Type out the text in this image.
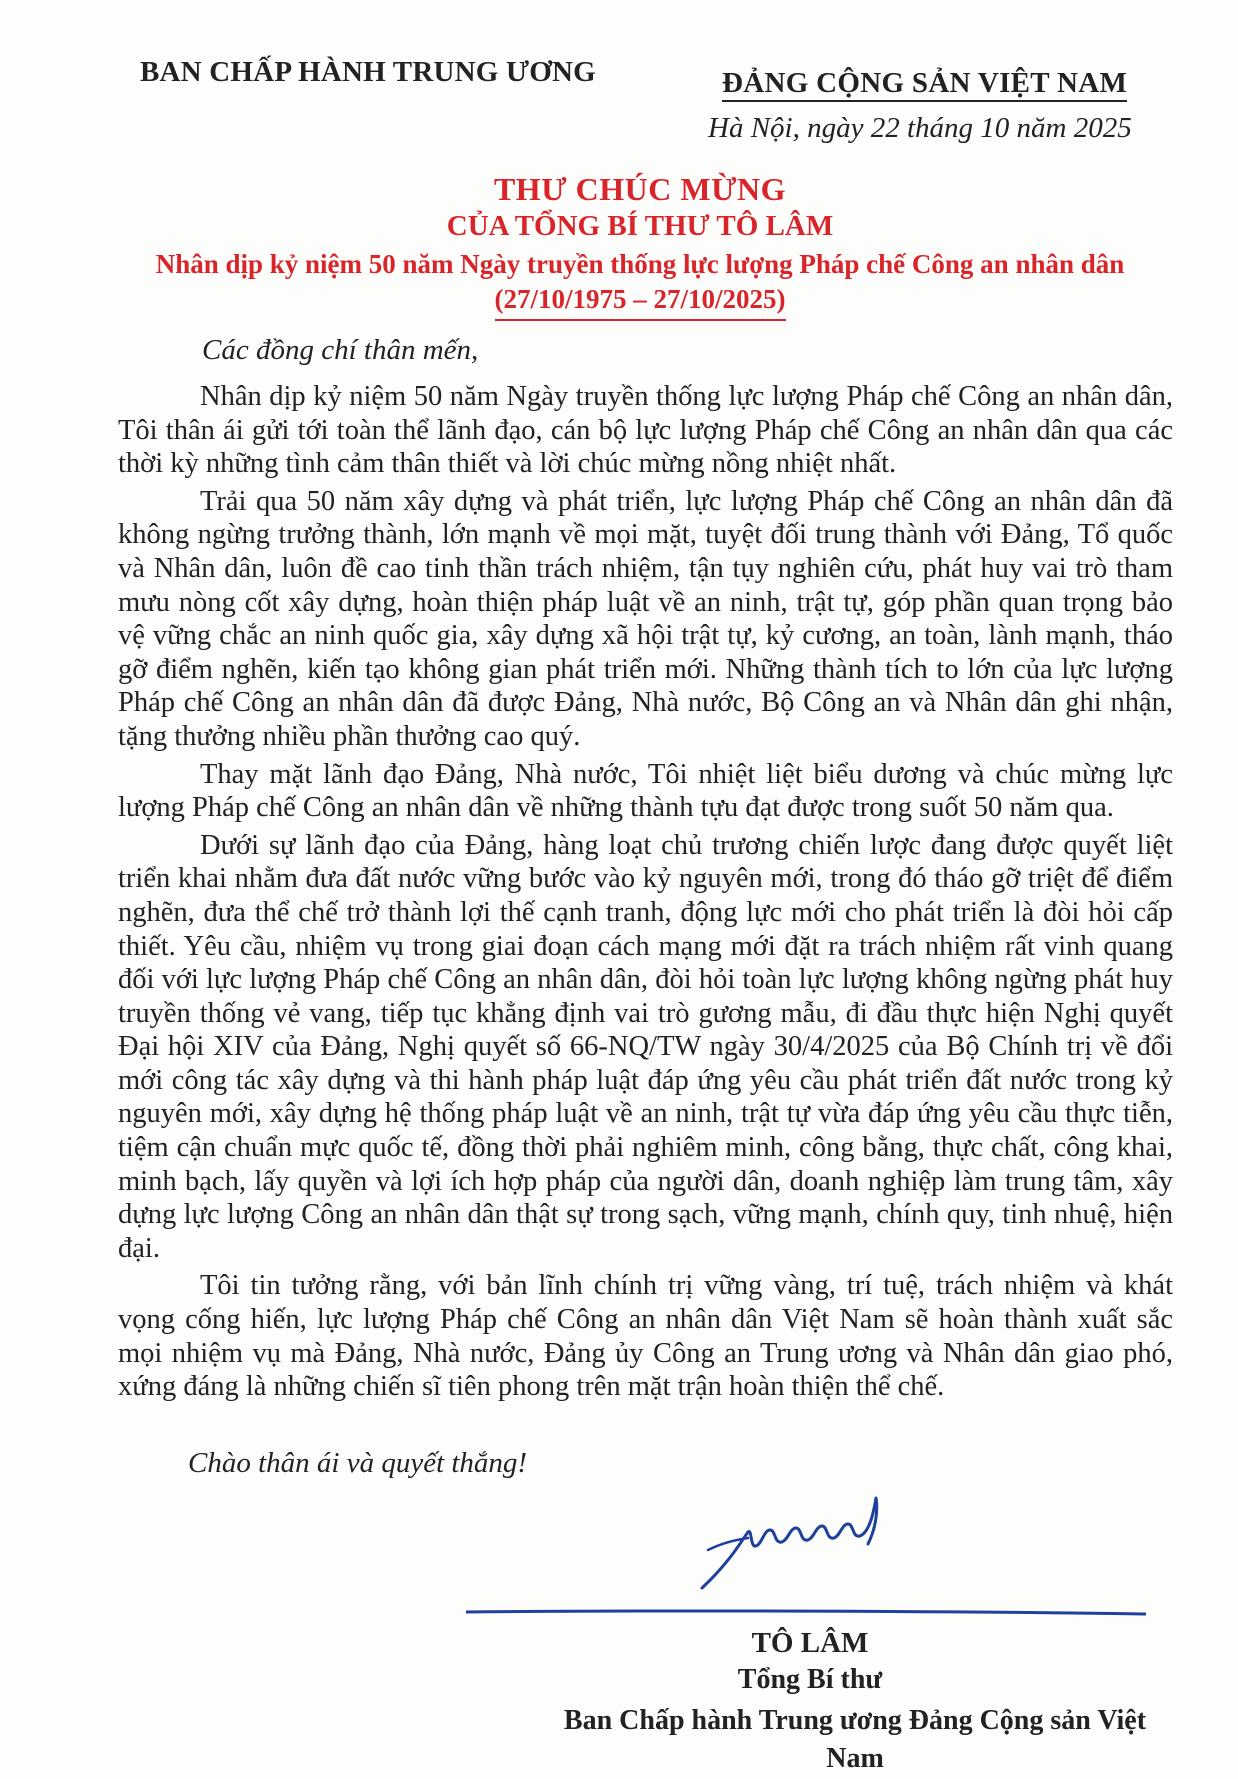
BAN CHẤP HÀNH TRUNG ƯƠNG	ĐẢNG CỘNG SẢN VIỆT NAM
Hà Nội, ngày 22 tháng 10 năm 2025
THƯ CHÚC MỪNG
CỦA TỔNG BÍ THƯ TÔ LÂM
Nhân dịp kỷ niệm 50 năm Ngày truyền thống lực lượng Pháp chế Công an nhân dân
(27/10/1975 – 27/10/2025)
Các đồng chí thân mến,

Nhân dịp kỷ niệm 50 năm Ngày truyền thống lực lượng Pháp chế Công an nhân dân, Tôi thân ái gửi tới toàn thể lãnh đạo, cán bộ lực lượng Pháp chế Công an nhân dân qua các thời kỳ những tình cảm thân thiết và lời chúc mừng nồng nhiệt nhất.

Trải qua 50 năm xây dựng và phát triển, lực lượng Pháp chế Công an nhân dân đã không ngừng trưởng thành, lớn mạnh về mọi mặt, tuyệt đối trung thành với Đảng, Tổ quốc và Nhân dân, luôn đề cao tinh thần trách nhiệm, tận tụy nghiên cứu, phát huy vai trò tham mưu nòng cốt xây dựng, hoàn thiện pháp luật về an ninh, trật tự, góp phần quan trọng bảo vệ vững chắc an ninh quốc gia, xây dựng xã hội trật tự, kỷ cương, an toàn, lành mạnh, tháo gỡ điểm nghẽn, kiến tạo không gian phát triển mới. Những thành tích to lớn của lực lượng Pháp chế Công an nhân dân đã được Đảng, Nhà nước, Bộ Công an và Nhân dân ghi nhận, tặng thưởng nhiều phần thưởng cao quý.

Thay mặt lãnh đạo Đảng, Nhà nước, Tôi nhiệt liệt biểu dương và chúc mừng lực lượng Pháp chế Công an nhân dân về những thành tựu đạt được trong suốt 50 năm qua.

Dưới sự lãnh đạo của Đảng, hàng loạt chủ trương chiến lược đang được quyết liệt triển khai nhằm đưa đất nước vững bước vào kỷ nguyên mới, trong đó tháo gỡ triệt để điểm nghẽn, đưa thể chế trở thành lợi thế cạnh tranh, động lực mới cho phát triển là đòi hỏi cấp thiết. Yêu cầu, nhiệm vụ trong giai đoạn cách mạng mới đặt ra trách nhiệm rất vinh quang đối với lực lượng Pháp chế Công an nhân dân, đòi hỏi toàn lực lượng không ngừng phát huy truyền thống vẻ vang, tiếp tục khẳng định vai trò gương mẫu, đi đầu thực hiện Nghị quyết Đại hội XIV của Đảng, Nghị quyết số 66-NQ/TW ngày 30/4/2025 của Bộ Chính trị về đổi mới công tác xây dựng và thi hành pháp luật đáp ứng yêu cầu phát triển đất nước trong kỷ nguyên mới, xây dựng hệ thống pháp luật về an ninh, trật tự vừa đáp ứng yêu cầu thực tiễn, tiệm cận chuẩn mực quốc tế, đồng thời phải nghiêm minh, công bằng, thực chất, công khai, minh bạch, lấy quyền và lợi ích hợp pháp của người dân, doanh nghiệp làm trung tâm, xây dựng lực lượng Công an nhân dân thật sự trong sạch, vững mạnh, chính quy, tinh nhuệ, hiện đại.

Tôi tin tưởng rằng, với bản lĩnh chính trị vững vàng, trí tuệ, trách nhiệm và khát vọng cống hiến, lực lượng Pháp chế Công an nhân dân Việt Nam sẽ hoàn thành xuất sắc mọi nhiệm vụ mà Đảng, Nhà nước, Đảng ủy Công an Trung ương và Nhân dân giao phó, xứng đáng là những chiến sĩ tiên phong trên mặt trận hoàn thiện thể chế.

Chào thân ái và quyết thắng!
TÔ LÂM
Tổng Bí thư
Ban Chấp hành Trung ương Đảng Cộng sản Việt Nam
